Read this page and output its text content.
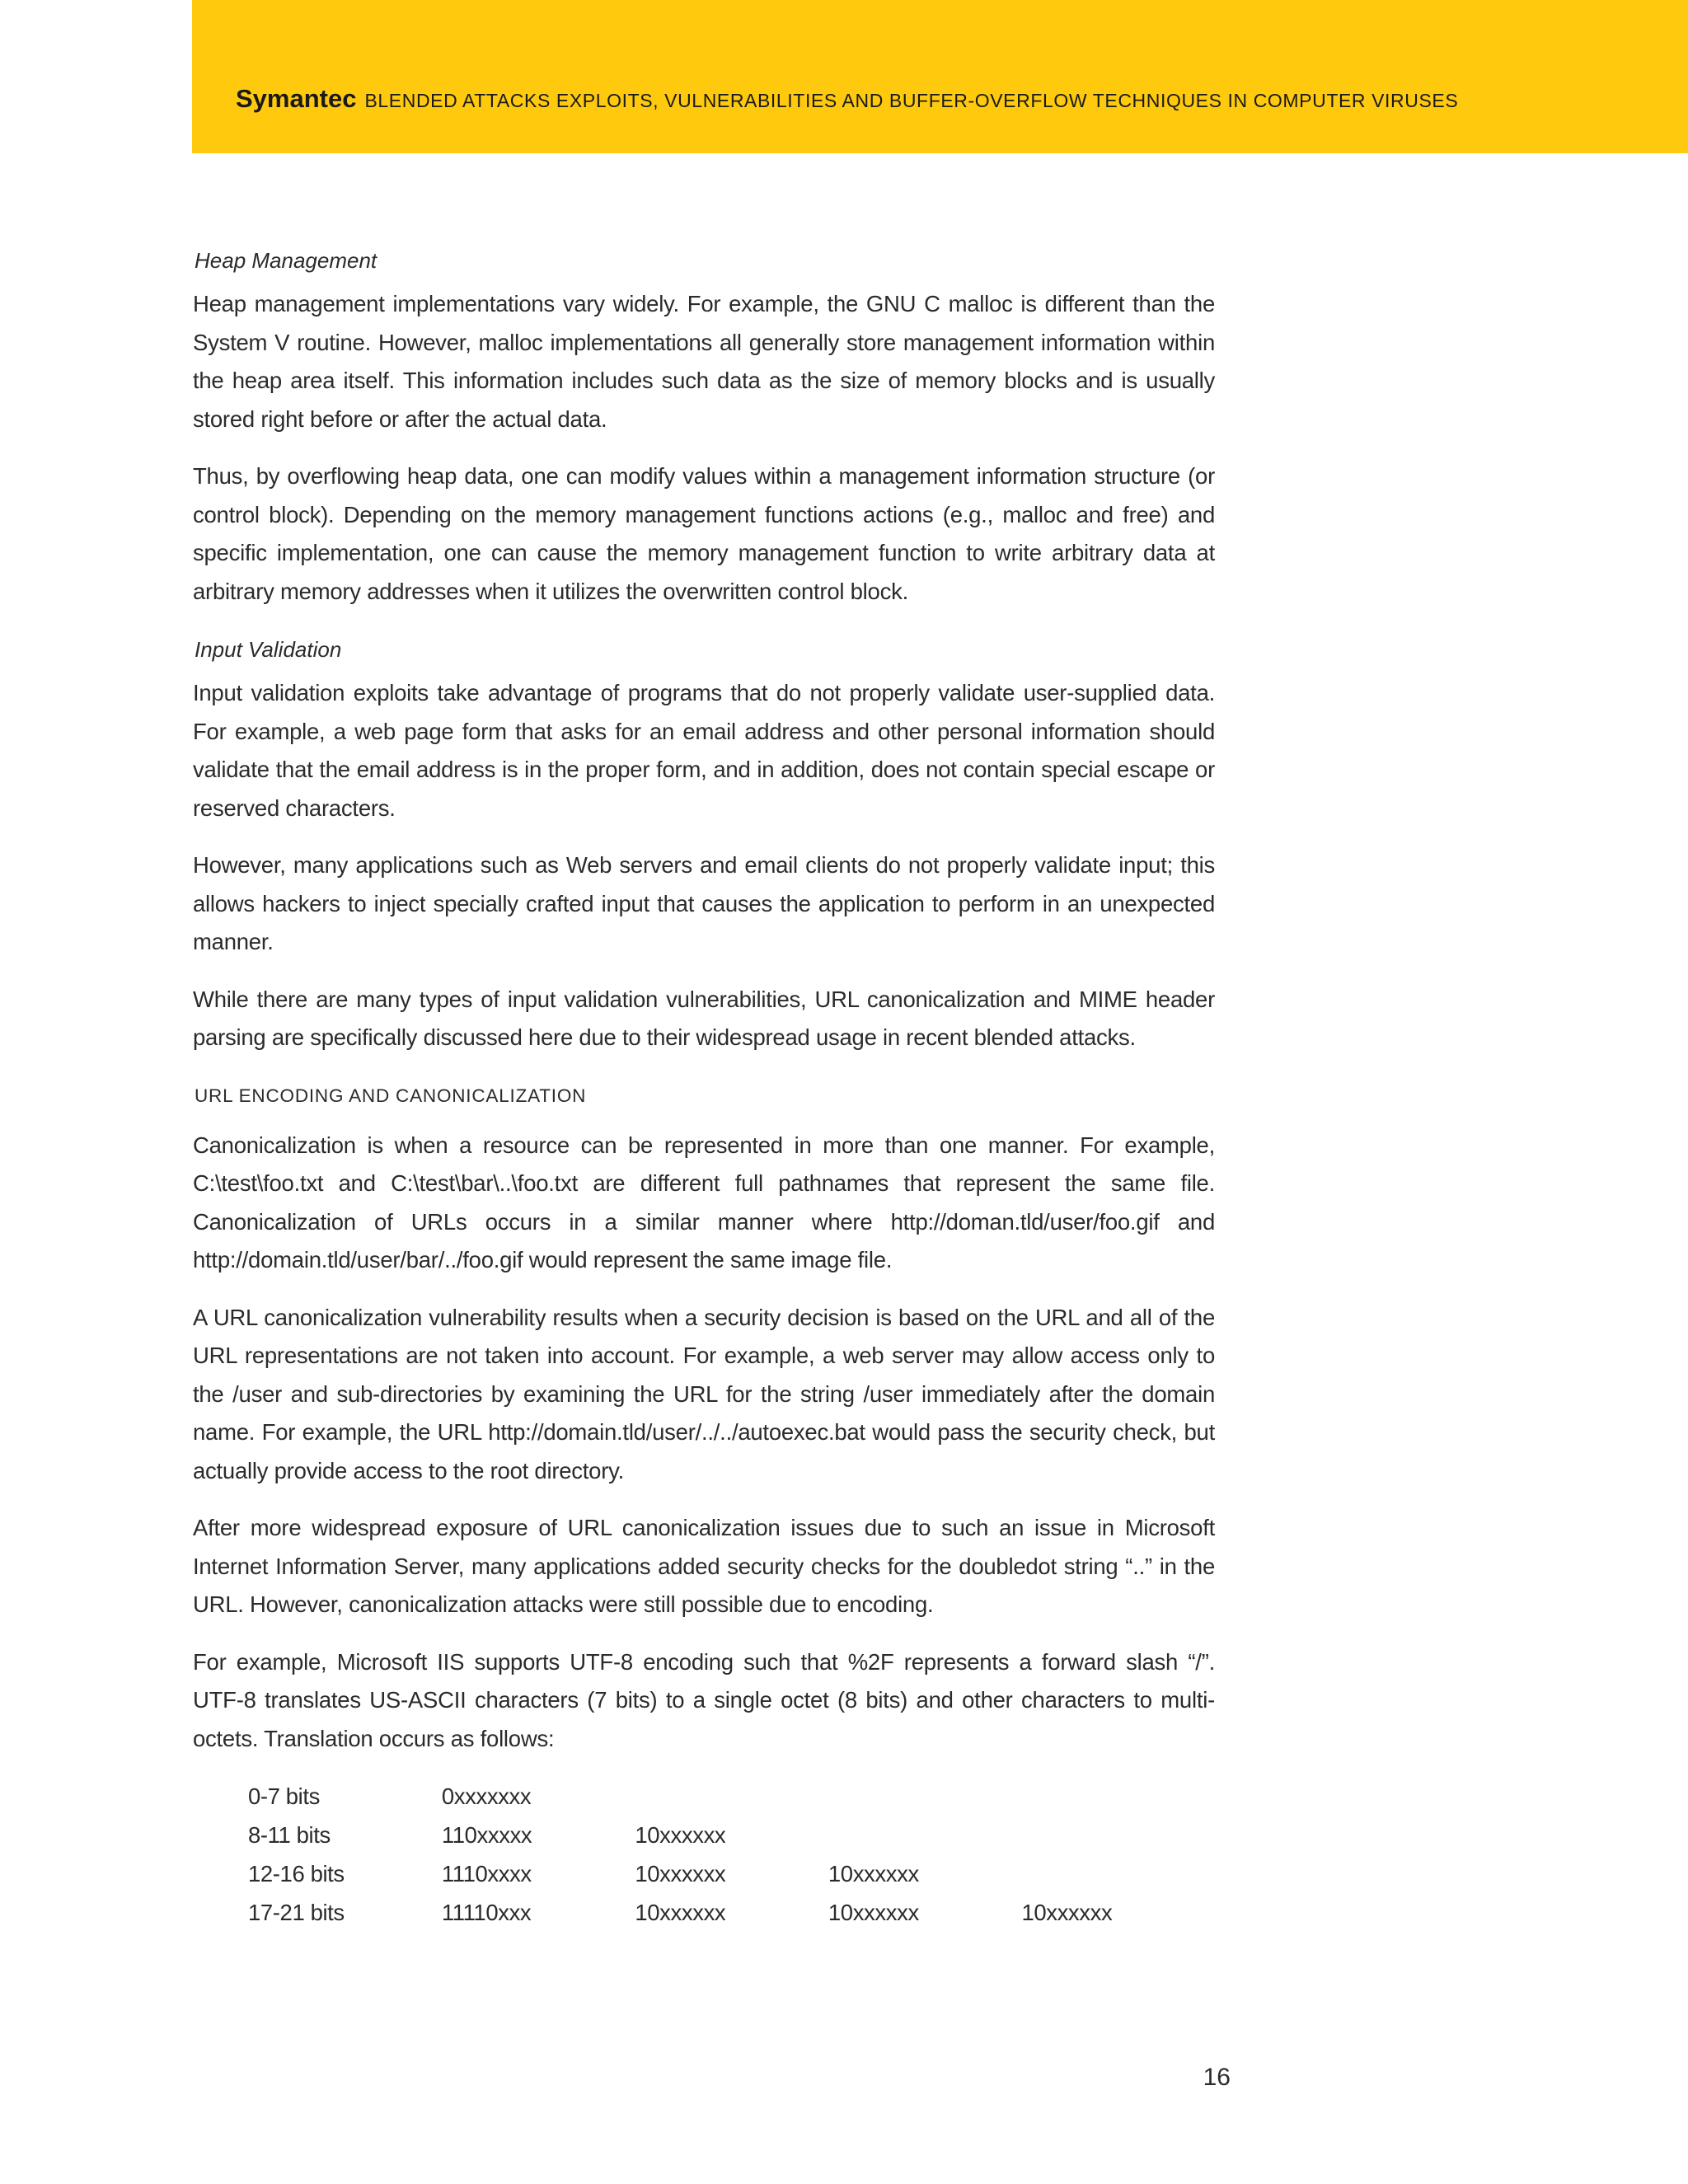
Symantec BLENDED ATTACKS EXPLOITS, VULNERABILITIES AND BUFFER-OVERFLOW TECHNIQUES IN COMPUTER VIRUSES
Heap Management

Heap management implementations vary widely. For example, the GNU C malloc is different than the System V routine. However, malloc implementations all generally store management information within the heap area itself. This information includes such data as the size of memory blocks and is usually stored right before or after the actual data.

Thus, by overflowing heap data, one can modify values within a management information structure (or control block). Depending on the memory management functions actions (e.g., malloc and free) and specific implementation, one can cause the memory management function to write arbitrary data at arbitrary memory addresses when it utilizes the overwritten control block.

Input Validation

Input validation exploits take advantage of programs that do not properly validate user-supplied data. For example, a web page form that asks for an email address and other personal information should validate that the email address is in the proper form, and in addition, does not contain special escape or reserved characters.

However, many applications such as Web servers and email clients do not properly validate input; this allows hackers to inject specially crafted input that causes the application to perform in an unexpected manner.

While there are many types of input validation vulnerabilities, URL canonicalization and MIME header parsing are specifically discussed here due to their widespread usage in recent blended attacks.

URL ENCODING AND CANONICALIZATION

Canonicalization is when a resource can be represented in more than one manner. For example, C:\test\foo.txt and C:\test\bar\..\foo.txt are different full pathnames that represent the same file. Canonicalization of URLs occurs in a similar manner where http://doman.tld/user/foo.gif and http://domain.tld/user/bar/../foo.gif would represent the same image file.

A URL canonicalization vulnerability results when a security decision is based on the URL and all of the URL representations are not taken into account. For example, a web server may allow access only to the /user and sub-directories by examining the URL for the string /user immediately after the domain name. For example, the URL http://domain.tld/user/../../autoexec.bat would pass the security check, but actually provide access to the root directory.

After more widespread exposure of URL canonicalization issues due to such an issue in Microsoft Internet Information Server, many applications added security checks for the doubledot string “..” in the URL. However, canonicalization attacks were still possible due to encoding.

For example, Microsoft IIS supports UTF-8 encoding such that %2F represents a forward slash “/”. UTF-8 translates US-ASCII characters (7 bits) to a single octet (8 bits) and other characters to multi-octets. Translation occurs as follows:

0-7 bits	0xxxxxxx			
8-11 bits	110xxxxx	10xxxxxx		
12-16 bits	1110xxxx	10xxxxxx	10xxxxxx	
17-21 bits	11110xxx	10xxxxxx	10xxxxxx	10xxxxxx
16
